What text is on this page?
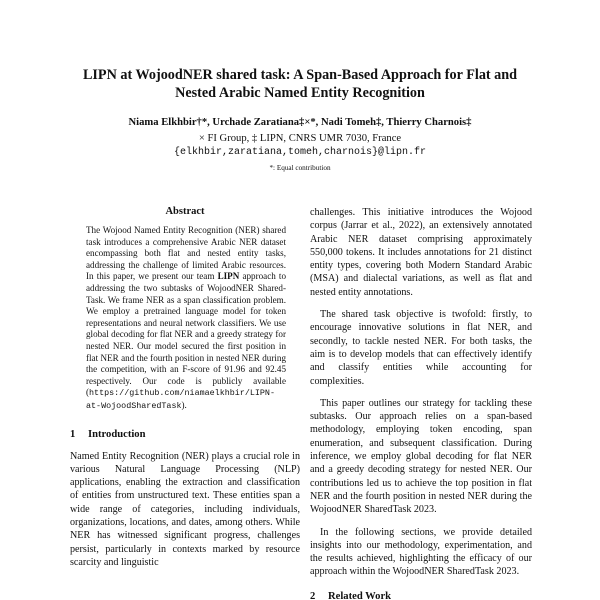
LIPN at WojoodNER shared task: A Span-Based Approach for Flat and
Nested Arabic Named Entity Recognition
Niama Elkhbir†*, Urchade Zaratiana‡×*, Nadi Tomeh‡, Thierry Charnois‡
× FI Group, ‡ LIPN, CNRS UMR 7030, France
{elkhbir,zaratiana,tomeh,charnois}@lipn.fr
*: Equal contribution
Abstract
The Wojood Named Entity Recognition (NER) shared task introduces a comprehensive Arabic NER dataset encompassing both flat and nested entity tasks, addressing the challenge of limited Arabic resources. In this paper, we present our team LIPN approach to addressing the two subtasks of WojoodNER Shared-Task. We frame NER as a span classification problem. We employ a pretrained language model for token representations and neural network classifiers. We use global decoding for flat NER and a greedy strategy for nested NER. Our model secured the first position in flat NER and the fourth position in nested NER during the competition, with an F-score of 91.96 and 92.45 respectively. Our code is publicly available (https://github.com/niamaelkhbir/LIPN-at-WojoodSharedTask).
1 Introduction
Named Entity Recognition (NER) plays a crucial role in various Natural Language Processing (NLP) applications, enabling the extraction and classification of entities from unstructured text. These entities span a wide range of categories, including individuals, organizations, locations, and dates, among others. While NER has witnessed significant progress, challenges persist, particularly in contexts marked by resource scarcity and linguistic
challenges. This initiative introduces the Wojood corpus (Jarrar et al., 2022), an extensively annotated Arabic NER dataset comprising approximately 550,000 tokens. It includes annotations for 21 distinct entity types, covering both Modern Standard Arabic (MSA) and dialectal variations, as well as flat and nested entity annotations.
The shared task objective is twofold: firstly, to encourage innovative solutions in flat NER, and secondly, to tackle nested NER. For both tasks, the aim is to develop models that can effectively identify and classify entities while accounting for complexities.
This paper outlines our strategy for tackling these subtasks. Our approach relies on a span-based methodology, employing token encoding, span enumeration, and subsequent classification. During inference, we employ global decoding for flat NER and a greedy decoding strategy for nested NER. Our contributions led us to achieve the top position in flat NER and the fourth position in nested NER during the WojoodNER SharedTask 2023.
In the following sections, we provide detailed insights into our methodology, experimentation, and the results achieved, highlighting the efficacy of our approach within the WojoodNER SharedTask 2023.
2 Related Work
